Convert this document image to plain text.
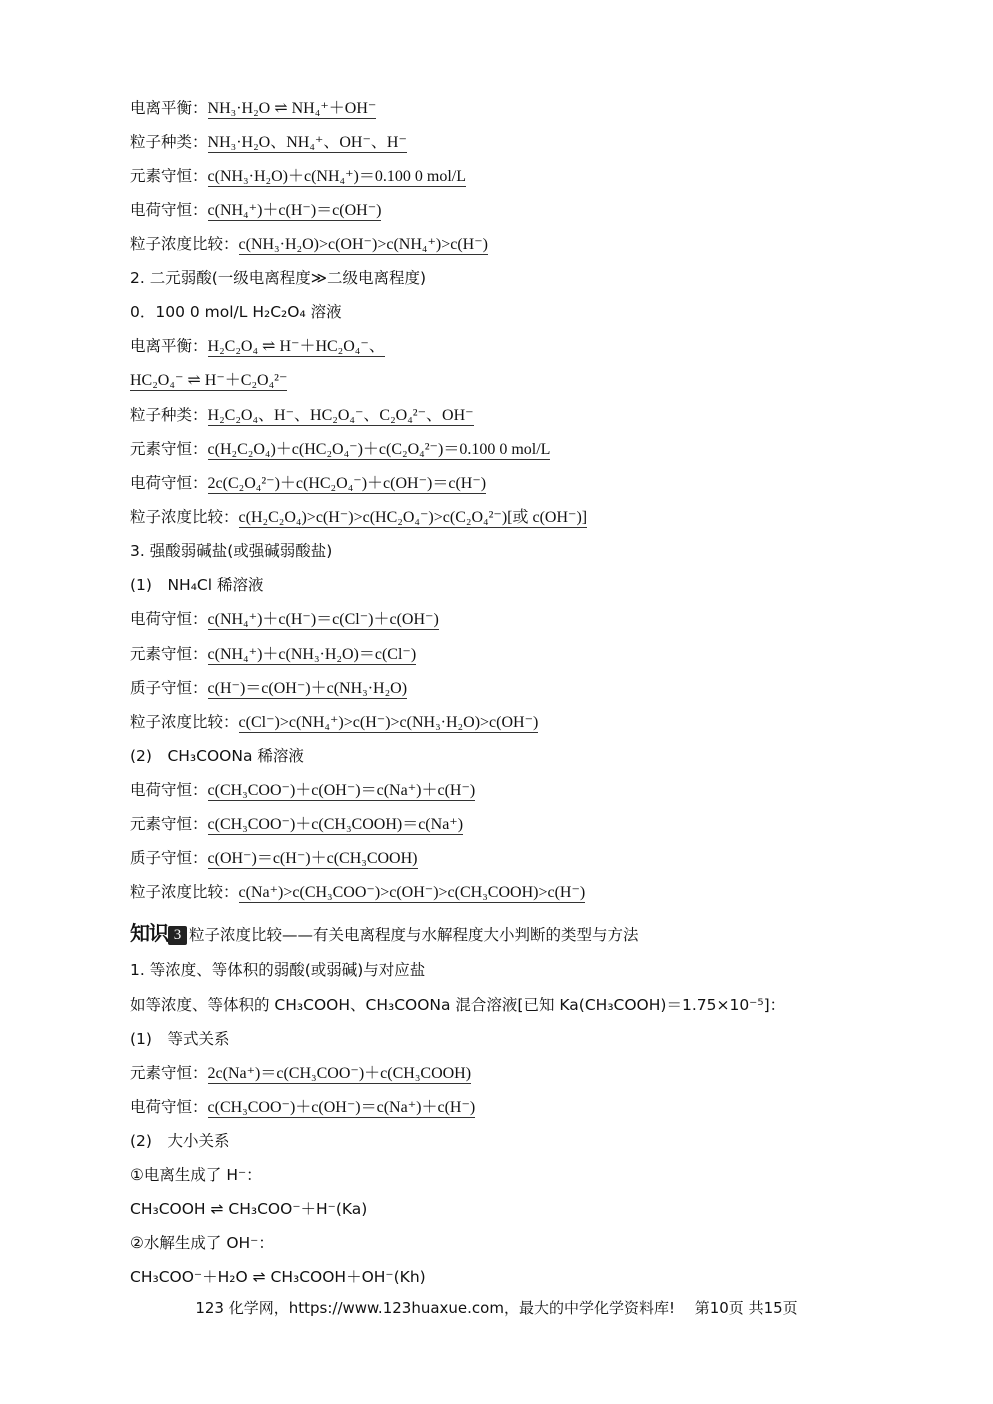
电离平衡：NH₃·H₂O ⇌ NH₄⁺＋OH⁻
粒子种类：NH₃·H₂O、NH₄⁺、OH⁻、H⁻
元素守恒：c(NH₃·H₂O)＋c(NH₄⁺)＝0.100 0 mol/L
电荷守恒：c(NH₄⁺)＋c(H⁻)＝c(OH⁻)
粒子浓度比较：c(NH₃·H₂O)>c(OH⁻)>c(NH₄⁺)>c(H⁻)
2. 二元弱酸(一级电离程度≫二级电离程度)
0．100 0 mol/L H₂C₂O₄ 溶液
电离平衡：H₂C₂O₄ ⇌ H⁻＋HC₂O₄⁻、
HC₂O₄⁻ ⇌ H⁻＋C₂O₄²⁻
粒子种类：H₂C₂O₄、H⁻、HC₂O₄⁻、C₂O₄²⁻、OH⁻
元素守恒：c(H₂C₂O₄)＋c(HC₂O₄⁻)＋c(C₂O₄²⁻)＝0.100 0 mol/L
电荷守恒：2c(C₂O₄²⁻)＋c(HC₂O₄⁻)＋c(OH⁻)＝c(H⁻)
粒子浓度比较：c(H₂C₂O₄)>c(H⁻)>c(HC₂O₄⁻)>c(C₂O₄²⁻)[或 c(OH⁻)]
3. 强酸弱碱盐(或强碱弱酸盐)
(1)　NH₄Cl 稀溶液
电荷守恒：c(NH₄⁺)＋c(H⁻)＝c(Cl⁻)＋c(OH⁻)
元素守恒：c(NH₄⁺)＋c(NH₃·H₂O)＝c(Cl⁻)
质子守恒：c(H⁻)＝c(OH⁻)＋c(NH₃·H₂O)
粒子浓度比较：c(Cl⁻)>c(NH₄⁺)>c(H⁻)>c(NH₃·H₂O)>c(OH⁻)
(2)　CH₃COONa 稀溶液
电荷守恒：c(CH₃COO⁻)＋c(OH⁻)＝c(Na⁺)＋c(H⁻)
元素守恒：c(CH₃COO⁻)＋c(CH₃COOH)＝c(Na⁺)
质子守恒：c(OH⁻)＝c(H⁻)＋c(CH₃COOH)
粒子浓度比较：c(Na⁺)>c(CH₃COO⁻)>c(OH⁻)>c(CH₃COOH)>c(H⁻)
知识 3 粒子浓度比较——有关电离程度与水解程度大小判断的类型与方法
1. 等浓度、等体积的弱酸(或弱碱)与对应盐
如等浓度、等体积的 CH₃COOH、CH₃COONa 混合溶液[已知 Ka(CH₃COOH)＝1.75×10⁻⁵]：
(1)　等式关系
元素守恒：2c(Na⁺)＝c(CH₃COO⁻)＋c(CH₃COOH)
电荷守恒：c(CH₃COO⁻)＋c(OH⁻)＝c(Na⁺)＋c(H⁻)
(2)　大小关系
①电离生成了 H⁻：
CH₃COOH ⇌ CH₃COO⁻＋H⁻(Ka)
②水解生成了 OH⁻：
CH₃COO⁻＋H₂O ⇌ CH₃COOH＋OH⁻(Kh)
123 化学网，https://www.123huaxue.com，最大的中学化学资料库!　 第10页 共15页
